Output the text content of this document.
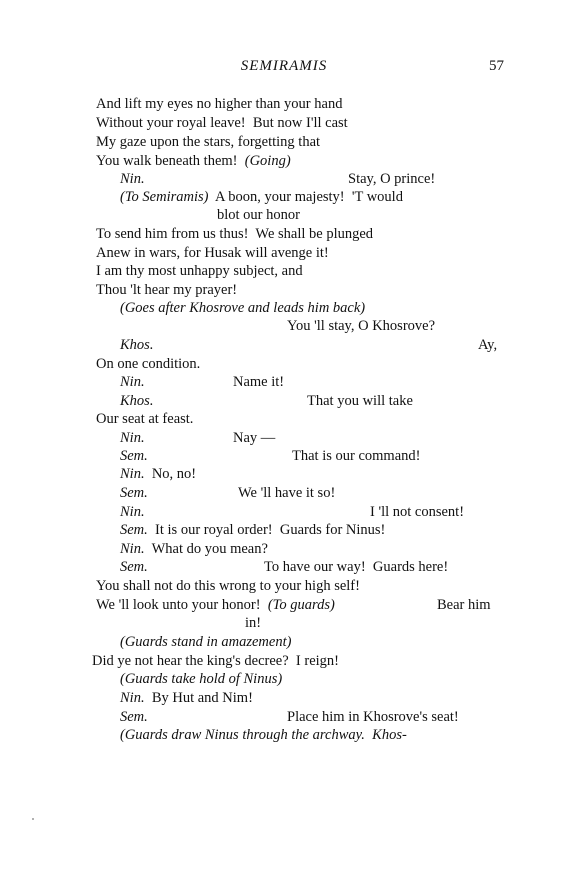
SEMIRAMIS	57
And lift my eyes no higher than your hand
Without your royal leave!  But now I'll cast
My gaze upon the stars, forgetting that
You walk beneath them!  (Going)
Nin.	Stay, O prince!
(To Semiramis)  A boon, your majesty!  'T would
blot our honor
To send him from us thus!  We shall be plunged
Anew in wars, for Husak will avenge it!
I am thy most unhappy subject, and
Thou 'lt hear my prayer!
(Goes after Khosrove and leads him back)
You 'll stay, O Khosrove?
Khos.	Ay,
On one condition.
Nin.	Name it!
Khos.	That you will take
Our seat at feast.
Nin.	Nay —
Sem.	That is our command!
Nin.  No, no!
Sem.	We 'll have it so!
Nin.	I 'll not consent!
Sem.  It is our royal order!  Guards for Ninus!
Nin.  What do you mean?
Sem.	To have our way!  Guards here!
You shall not do this wrong to your high self!
We 'll look unto your honor!  (To guards)	Bear him
in!
(Guards stand in amazement)
Did ye not hear the king's decree?  I reign!
(Guards take hold of Ninus)
Nin.  By Hut and Nim!
Sem.	Place him in Khosrove's seat!
(Guards draw Ninus through the archway.  Khos-
